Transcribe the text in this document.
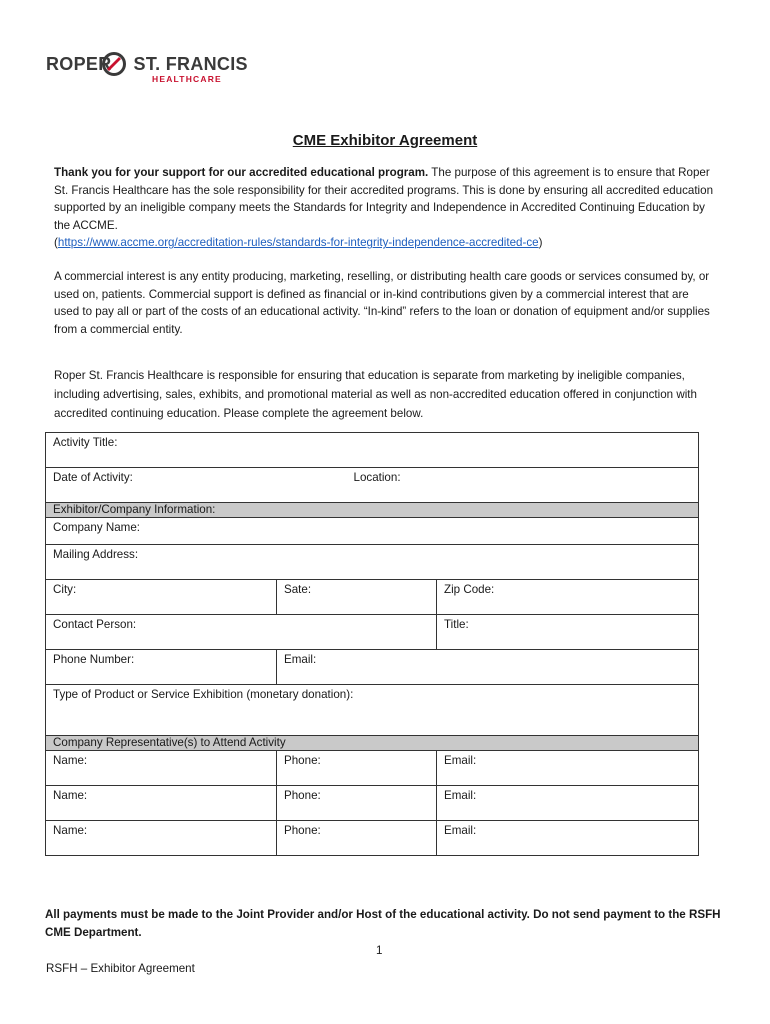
ROPER ST. FRANCIS
HEALTHCARE
CME Exhibitor Agreement
Thank you for your support for our accredited educational program. The purpose of this agreement is to ensure that Roper St. Francis Healthcare has the sole responsibility for their accredited programs. This is done by ensuring all accredited education supported by an ineligible company meets the Standards for Integrity and Independence in Accredited Continuing Education by the ACCME.
(https://www.accme.org/accreditation-rules/standards-for-integrity-independence-accredited-ce)
A commercial interest is any entity producing, marketing, reselling, or distributing health care goods or services consumed by, or used on, patients. Commercial support is defined as financial or in-kind contributions given by a commercial interest that are used to pay all or part of the costs of an educational activity. “In-kind” refers to the loan or donation of equipment and/or supplies from a commercial entity.
Roper St. Francis Healthcare is responsible for ensuring that education is separate from marketing by ineligible companies, including advertising, sales, exhibits, and promotional material as well as non-accredited education offered in conjunction with accredited continuing education. Please complete the agreement below.
Activity Title:			
Date of Activity:		Location:	
Exhibitor/Company Information:			
Company Name:			
Mailing Address:			
City:	Sate:		Zip Code:
Contact Person:			Title:
Phone Number:	Email:		
Type of Product or Service Exhibition (monetary donation):			
Company Representative(s) to Attend Activity			
Name:	Phone:		Email:
Name:	Phone:		Email:
Name:	Phone:		Email:
All payments must be made to the Joint Provider and/or Host of the educational activity. Do not send payment to the RSFH CME Department.
1
RSFH – Exhibitor Agreement
